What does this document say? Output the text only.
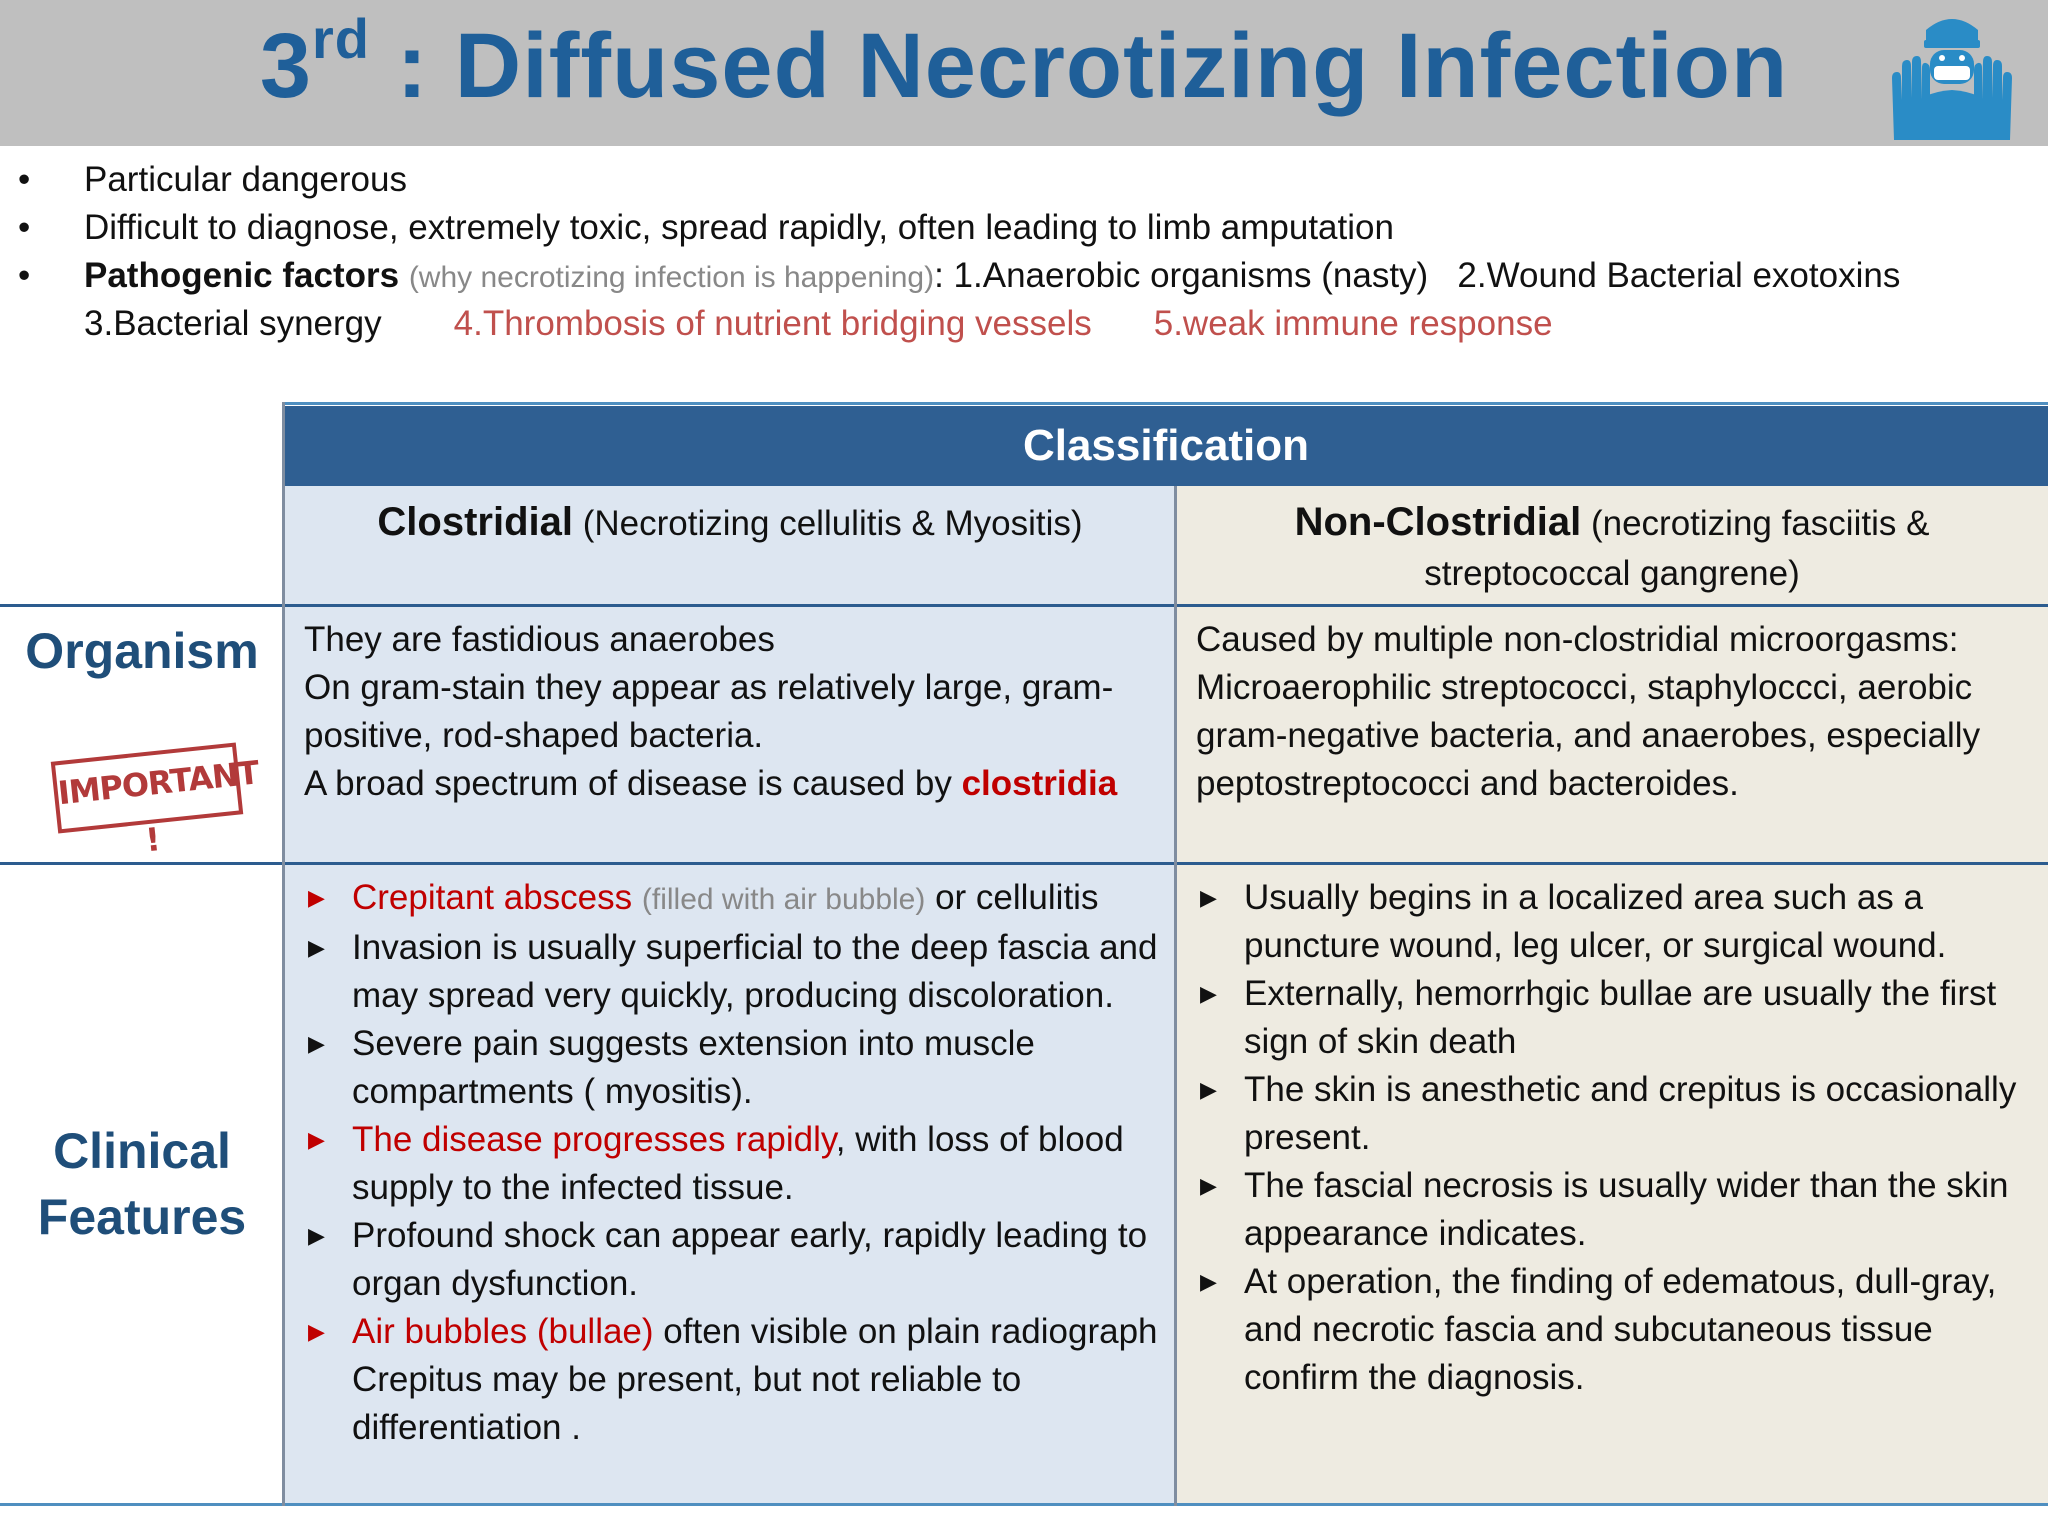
3rd : Diffused Necrotizing Infection
• Particular dangerous
• Difficult to diagnose, extremely toxic, spread rapidly, often leading to limb amputation
• Pathogenic factors (why necrotizing infection is happening): 1.Anaerobic organisms (nasty)   2.Wound Bacterial exotoxins
3.Bacterial synergy 4.Thrombosis of nutrient bridging vessels 5.weak immune response
Classification
Clostridial (Necrotizing cellulitis & Myositis)	Non-Clostridial (necrotizing fasciitis & streptococcal gangrene)
Organism
IMPORTANT !
Clinical
Features
They are fastidious anaerobes
On gram-stain they appear as relatively large, gram-positive, rod-shaped bacteria.
A broad spectrum of disease is caused by clostridia
Caused by multiple non-clostridial microorgasms: Microaerophilic streptococci, staphyloccci, aerobic gram-negative bacteria, and anaerobes, especially peptostreptococci and bacteroides.
▶ Crepitant abscess (filled with air bubble) or cellulitis
▶ Invasion is usually superficial to the deep fascia and may spread very quickly, producing discoloration.
▶ Severe pain suggests extension into muscle compartments ( myositis).
▶ The disease progresses rapidly, with loss of blood supply to the infected tissue.
▶ Profound shock can appear early, rapidly leading to organ dysfunction.
▶ Air bubbles (bullae) often visible on plain radiograph Crepitus may be present, but not reliable to differentiation .
▶ Usually begins in a localized area such as a puncture wound, leg ulcer, or surgical wound.
▶ Externally, hemorrhgic bullae are usually the first sign of skin death
▶ The skin is anesthetic and crepitus is occasionally present.
▶ The fascial necrosis is usually wider than the skin appearance indicates.
▶ At operation, the finding of edematous, dull-gray, and necrotic fascia and subcutaneous tissue confirm the diagnosis.
